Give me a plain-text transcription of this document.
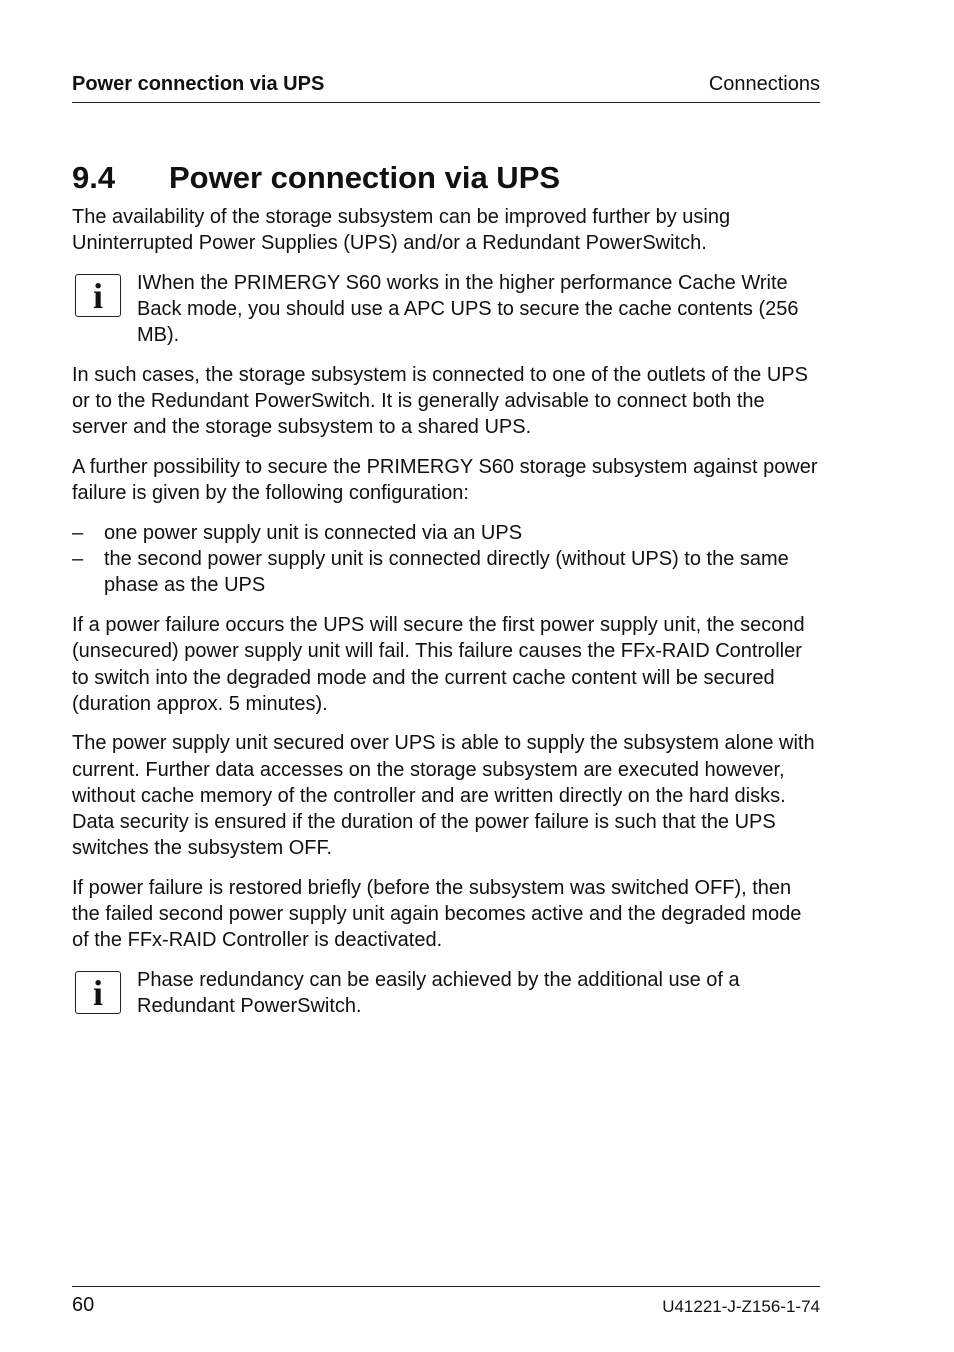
Power connection via UPS	Connections
9.4 Power connection via UPS

The availability of the storage subsystem can be improved further by using Uninterrupted Power Supplies (UPS) and/or a Redundant PowerSwitch.

i	IWhen the PRIMERGY S60 works in the higher performance Cache Write Back mode, you should use a APC UPS to secure the cache contents (256 MB).

In such cases, the storage subsystem is connected to one of the outlets of the UPS or to the Redundant PowerSwitch. It is generally advisable to connect both the server and the storage subsystem to a shared UPS.

A further possibility to secure the PRIMERGY S60 storage subsystem against power failure is given by the following configuration:

– one power supply unit is connected via an UPS
– the second power supply unit is connected directly (without UPS) to the same phase as the UPS

If a power failure occurs the UPS will secure the first power supply unit, the second (unsecured) power supply unit will fail. This failure causes the FFx-RAID Controller to switch into the degraded mode and the current cache content will be secured (duration approx. 5 minutes).

The power supply unit secured over UPS is able to supply the subsystem alone with current. Further data accesses on the storage subsystem are executed however, without cache memory of the controller and are written directly on the hard disks. Data security is ensured if the duration of the power failure is such that the UPS switches the subsystem OFF.

If power failure is restored briefly (before the subsystem was switched OFF), then the failed second power supply unit again becomes active and the degraded mode of the FFx-RAID Controller is deactivated.

i	Phase redundancy can be easily achieved by the additional use of a Redundant PowerSwitch.
60	U41221-J-Z156-1-74
